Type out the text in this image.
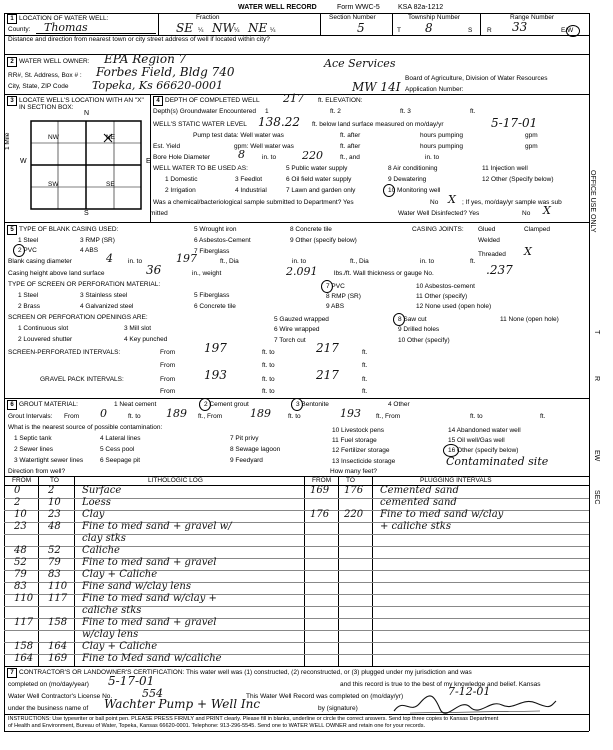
WATER WELL RECORD	Form WWC-5	KSA 82a-1212
1 LOCATION OF WATER WELL:
County: Thomas
Fraction
SE ¼ NW ¼ NE ¼
Section Number
5
Township Number
T 8	S
Range Number
R 33	E/W
Distance and direction from nearest town or city street address of well if located within city?
2 WATER WELL OWNER: EPA Region 7	Ace Services
RR#, St. Address, Box # : Forbes Field, Bldg 740
City, State, ZIP Code Topeka, Ks 66620-0001
Board of Agriculture, Division of Water Resources
MW 14I Application Number:
3 LOCATE WELL'S LOCATION WITH AN "X" IN SECTION BOX:
N
S
W	E
1 Mile	NW	NE
SW	SE
4 DEPTH OF COMPLETED WELL 217 ft. ELEVATION:
Depth(s) Groundwater Encountered 1	ft. 2	ft. 3	ft.
WELL'S STATIC WATER LEVEL 138.22 ft. below land surface measured on mo/day/yr	5-17-01
Pump test data: Well water was	ft. after	hours pumping	gpm
Est. Yield	gpm: Well water was	ft. after	hours pumping	gpm
Bore Hole Diameter	8	in. to 220	ft., and	in. to
WELL WATER TO BE USED AS:
1 Domestic
2 Irrigation
3 Feedlot
4 Industrial
5 Public water supply
6 Oil field water supply
7 Lawn and garden only
8 Air conditioning
9 Dewatering
10 Monitoring well
11 Injection well
12 Other (Specify below)
Was a chemical/bacteriological sample submitted to Department? Yes	No X ; If yes, mo/day/yr sample was sub
mitted	Water Well Disinfected? Yes	No X
5 TYPE OF BLANK CASING USED:
1 Steel
2 PVC
3 RMP (SR)
4 ABS
5 Wrought iron
6 Asbestos-Cement
7 Fiberglass
8 Concrete tile
9 Other (specify below)
CASING JOINTS: Glued	Clamped
Welded
Threaded X
Blank casing diameter	4 in. to	197	ft., Dia	in. to	ft., Dia	in. to	ft.
Casing height above land surface	36	in., weight	2.091	lbs./ft. Wall thickness or gauge No.	.237
TYPE OF SCREEN OR PERFORATION MATERIAL:
1 Steel
2 Brass
3 Stainless steel
4 Galvanized steel
5 Fiberglass
6 Concrete tile
7 PVC
8 RMP (SR)
9 ABS
10 Asbestos-cement
11 Other (specify)
12 None used (open hole)
SCREEN OR PERFORATION OPENINGS ARE:
1 Continuous slot
2 Louvered shutter
3 Mill slot
4 Key punched
5 Gauzed wrapped
6 Wire wrapped
7 Torch cut
8 Saw cut
9 Drilled holes
10 Other (specify)
11 None (open hole)
SCREEN-PERFORATED INTERVALS:	From 197	ft. to	217	ft.
From	ft. to	ft.
GRAVEL PACK INTERVALS:	From 193	ft. to	217	ft.
From	ft. to	ft.
6 GROUT MATERIAL:	1 Neat cement	2 Cement grout	3 Bentonite	4 Other
Grout Intervals: From 0	ft. to 189 ft., From	189	ft. to	193 ft., From	ft. to	ft.
What is the nearest source of possible contamination:
1 Septic tank
2 Sewer lines
3 Watertight sewer lines
4 Lateral lines
5 Cess pool
6 Seepage pit
7 Pit privy
8 Sewage lagoon
9 Feedyard
10 Livestock pens
11 Fuel storage
12 Fertilizer storage
13 Insecticide storage
14 Abandoned water well
15 Oil well/Gas well
16 Other (specify below)
Contaminated site
Direction from well?	How many feet?
FROM	TO	LITHOLOGIC LOG	FROM TO	PLUGGING INTERVALS
0	2	Surface
2	10 Loess
10 23 Clay
23 48 Fine to med sand + gravel w/
clay stks
48 52 Caliche
52 79 Fine to med sand + gravel
79 83 Clay + Caliche
83 110 Fine sand w/clay lens
110 117 Fine to med sand w/clay +
caliche stks
117 158 Fine to med sand + gravel
w/clay lens
158 164 Clay + Caliche
164 169 Fine to Med sand w/caliche
169 176 Cemented sand
cemented sand
176 220 Fine to med sand w/clay
+ caliche stks
7 CONTRACTOR'S OR LANDOWNER'S CERTIFICATION: This water well was (1) constructed, (2) reconstructed, or (3) plugged under my jurisdiction and was
completed on (mo/day/year) 5-17-01	and this record is true to the best of my knowledge and belief. Kansas
Water Well Contractor's License No.	554	This Water Well Record was completed on (mo/day/yr)	7-12-01
under the business name of Wachter Pump + Well Inc	by (signature)
INSTRUCTIONS: Use typewriter or ball point pen. PLEASE PRESS FIRMLY and PRINT clearly. Please fill in blanks, underline or circle the correct answers. Send top three copies to Kansas Department
of Health and Environment, Bureau of Water, Topeka, Kansas 66620-0001. Telephone: 913-296-5545. Send one to WATER WELL OWNER and retain one for your records.
OFFICE USE ONLY
T
R
EW
SEC
